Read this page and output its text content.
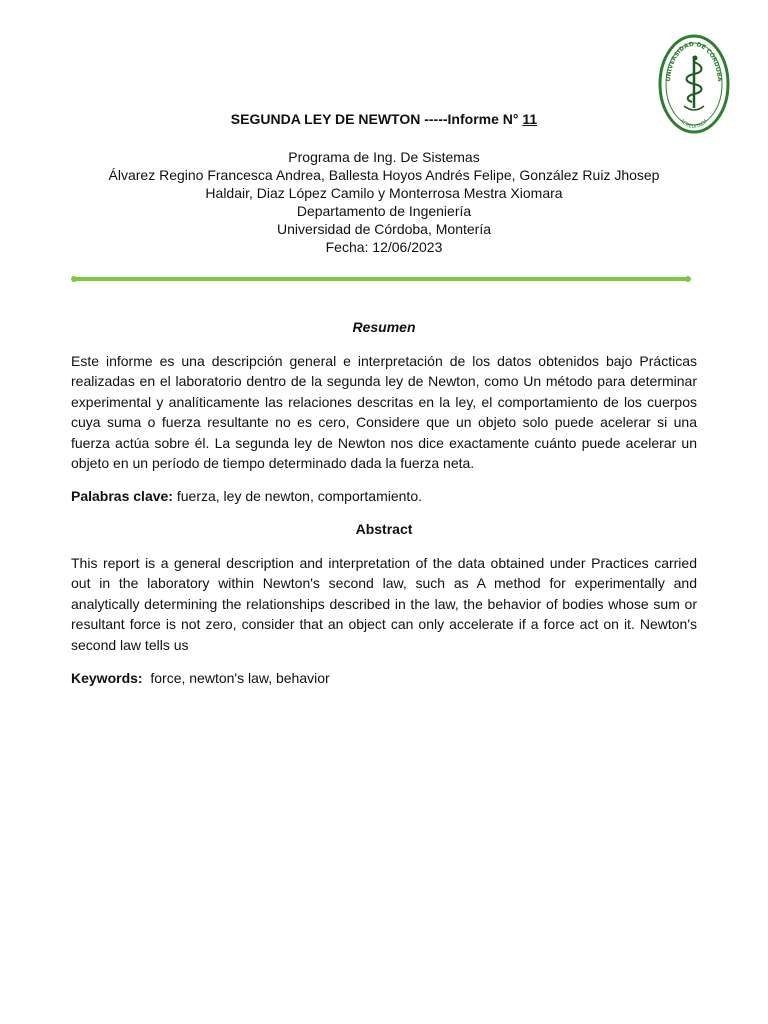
UNIVERSIDAD DE CÓRDOBA
ACREDITADA

SEGUNDA LEY DE NEWTON -----Informe N° 11

Programa de Ing. De Sistemas
Álvarez Regino Francesca Andrea, Ballesta Hoyos Andrés Felipe, González Ruiz Jhosep
Haldair, Diaz López Camilo y Monterrosa Mestra Xiomara
Departamento de Ingeniería
Universidad de Córdoba, Montería
Fecha: 12/06/2023

Resumen

Este informe es una descripción general e interpretación de los datos obtenidos bajo Prácticas realizadas en el laboratorio dentro de la segunda ley de Newton, como Un método para determinar experimental y analíticamente las relaciones descritas en la ley, el comportamiento de los cuerpos cuya suma o fuerza resultante no es cero, Considere que un objeto solo puede acelerar si una fuerza actúa sobre él. La segunda ley de Newton nos dice exactamente cuánto puede acelerar un objeto en un período de tiempo determinado dada la fuerza neta.

Palabras clave: fuerza, ley de newton, comportamiento.

Abstract

This report is a general description and interpretation of the data obtained under Practices carried out in the laboratory within Newton's second law, such as A method for experimentally and analytically determining the relationships described in the law, the behavior of bodies whose sum or resultant force is not zero, consider that an object can only accelerate if a force act on it. Newton's second law tells us

Keywords: force, newton's law, behavior
